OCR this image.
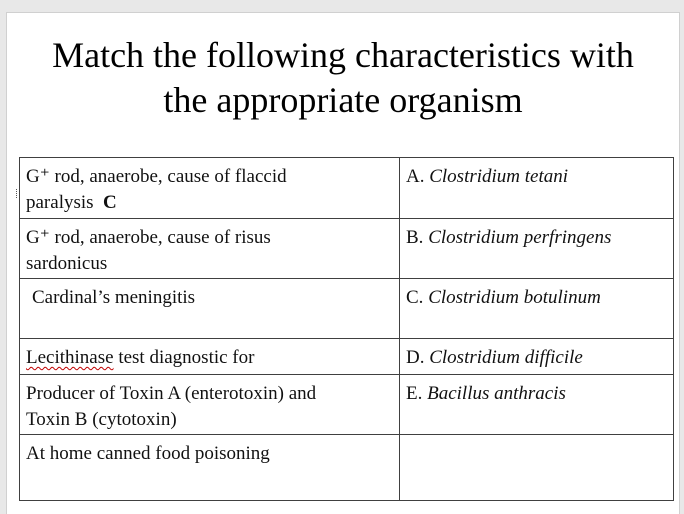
Match the following characteristics with
the appropriate organism
G⁺ rod, anaerobe, cause of flaccid
paralysis C	A. Clostridium tetani
G⁺ rod, anaerobe, cause of risus
sardonicus	B. Clostridium perfringens
Cardinal’s meningitis	C. Clostridium botulinum
Lecithinase test diagnostic for	D. Clostridium difficile
Producer of Toxin A (enterotoxin) and
Toxin B (cytotoxin)	E. Bacillus anthracis
At home canned food poisoning	
